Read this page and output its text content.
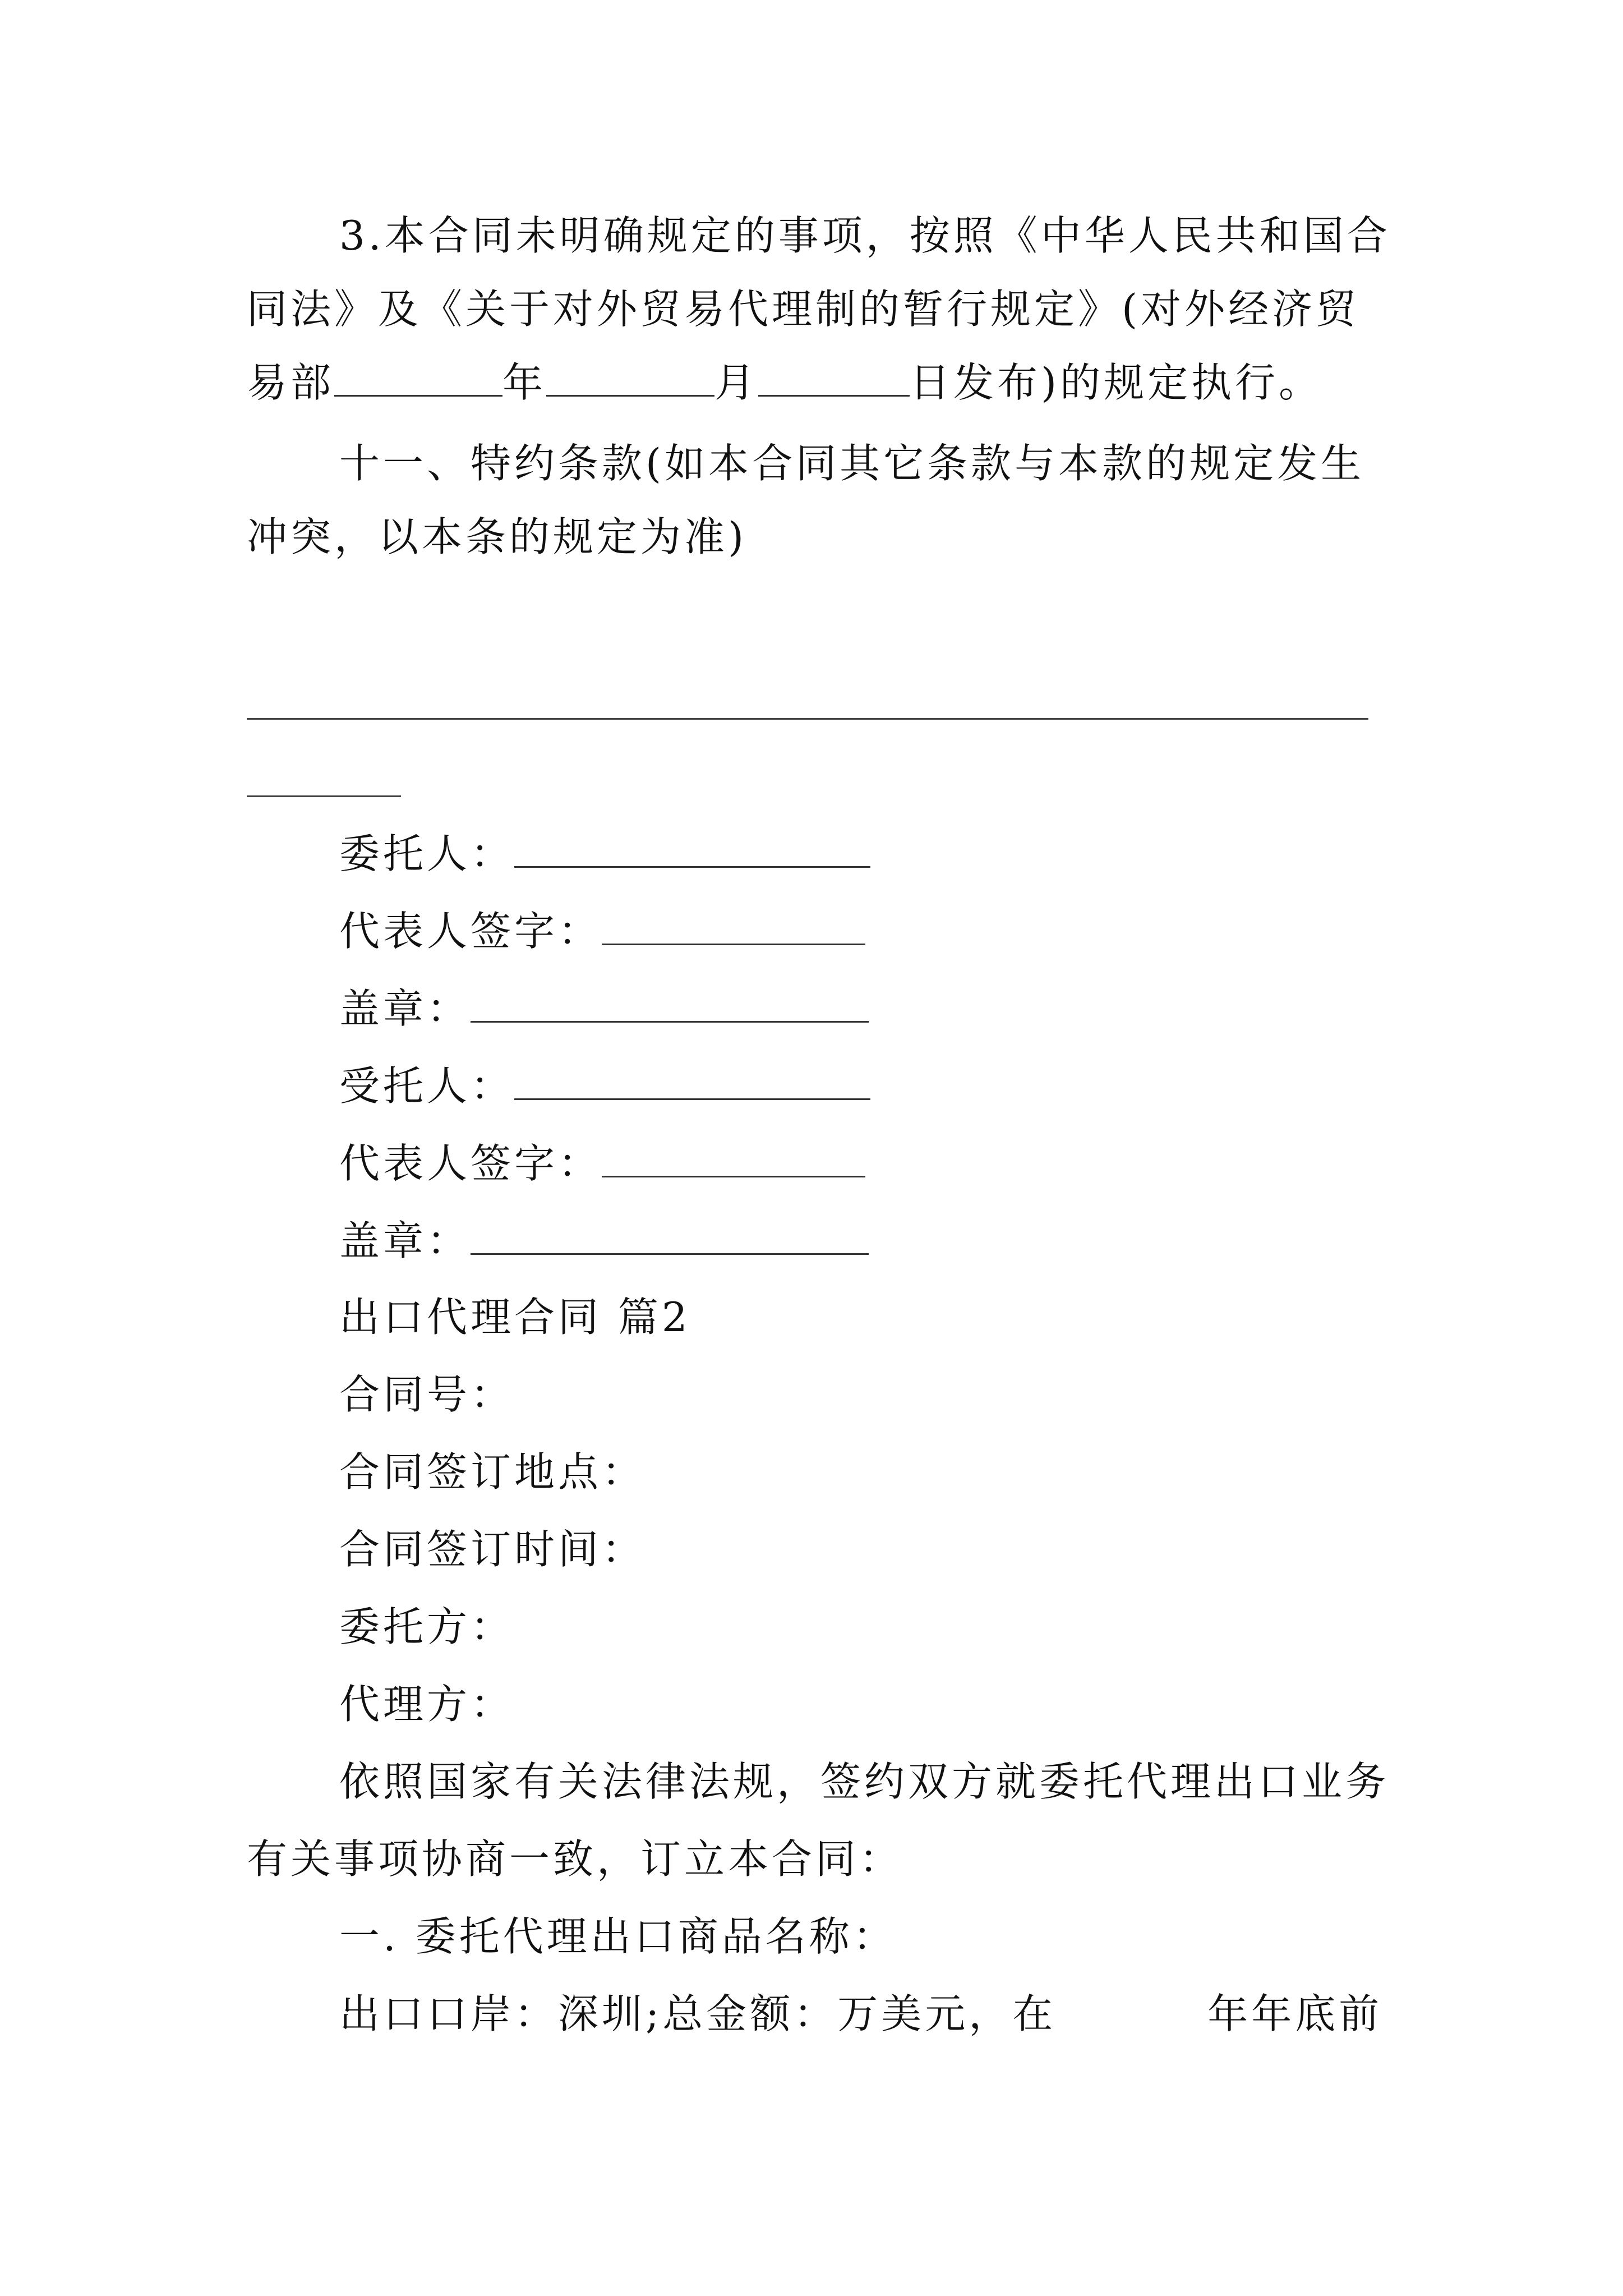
3.本合同未明确规定的事项，按照《中华人民共和国合
同法》及《关于对外贸易代理制的暂行规定》(对外经济贸
易部	年	月	日发布)的规定执行。
十一、特约条款(如本合同其它条款与本款的规定发生
冲突，以本条的规定为准)
委托人：
代表人签字：
盖章：
受托人：
代表人签字：
盖章：
出口代理合同 篇2
合同号：
合同签订地点：
合同签订时间：
委托方：
代理方：
依照国家有关法律法规，签约双方就委托代理出口业务
有关事项协商一致，订立本合同：
一. 委托代理出口商品名称：
出口口岸：深圳;总金额：万美元，在	年年底前
